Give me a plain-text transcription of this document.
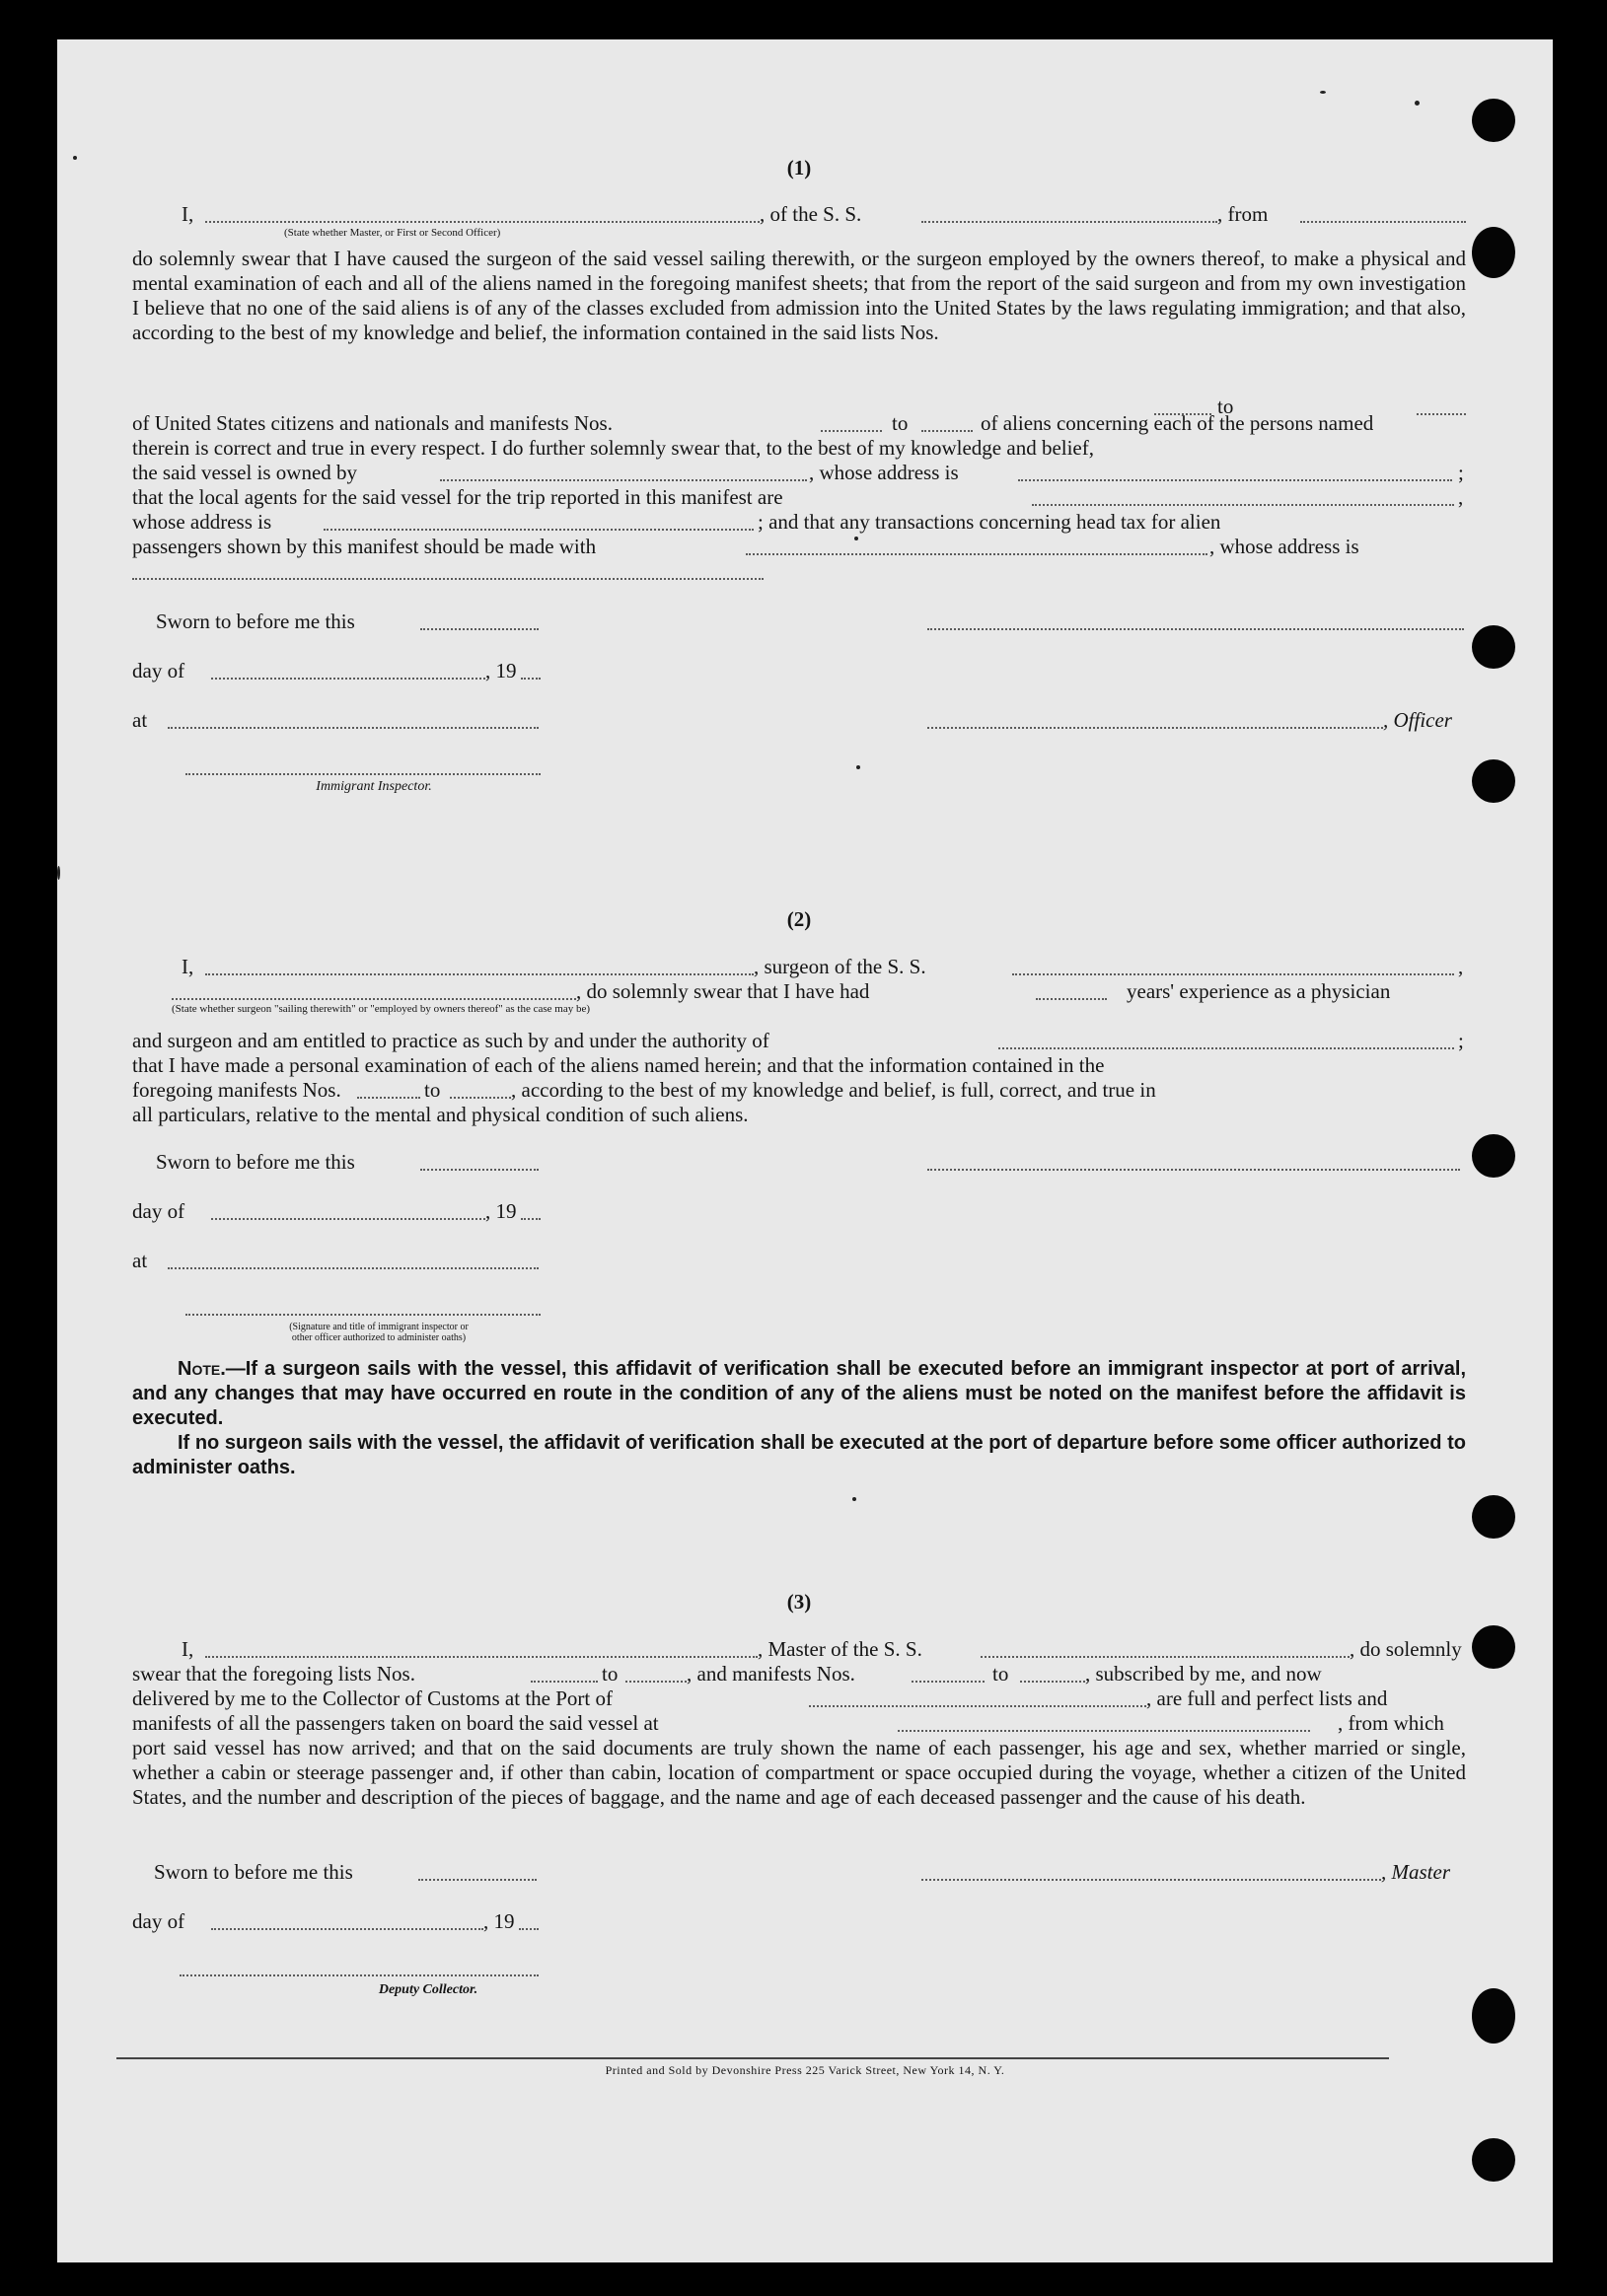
(1)
I,	, of the S. S.	, from
(State whether Master, or First or Second Officer)
do solemnly swear that I have caused the surgeon of the said vessel sailing therewith, or the surgeon employed by the owners thereof, to make a physical and mental examination of each and all of the aliens named in the foregoing manifest sheets; that from the report of the said surgeon and from my own investigation I believe that no one of the said aliens is of any of the classes excluded from admission into the United States by the laws regulating immigration; and that also, according to the best of my knowledge and belief, the information contained in the said lists Nos.
to
of United States citizens and nationals and manifests Nos.	to	of aliens concerning each of the persons named
therein is correct and true in every respect. I do further solemnly swear that, to the best of my knowledge and belief,
the said vessel is owned by	, whose address is	;
that the local agents for the said vessel for the trip reported in this manifest are	,
whose address is	; and that any transactions concerning head tax for alien
passengers shown by this manifest should be made with	, whose address is
Sworn to before me this
day of	, 19
at	, Officer
Immigrant Inspector.
(2)
I,	, surgeon of the S. S.	,
, do solemnly swear that I have had	years' experience as a physician
(State whether surgeon "sailing therewith" or "employed by owners thereof" as the case may be)
and surgeon and am entitled to practice as such by and under the authority of	;
that I have made a personal examination of each of the aliens named herein; and that the information contained in the
foregoing manifests Nos.	to	, according to the best of my knowledge and belief, is full, correct, and true in
all particulars, relative to the mental and physical condition of such aliens.
Sworn to before me this
day of	, 19
at
(Signature and title of immigrant inspector or
other officer authorized to administer oaths)

Note.—If a surgeon sails with the vessel, this affidavit of verification shall be executed before an immigrant inspector at port of arrival, and any changes that may have occurred en route in the condition of any of the aliens must be noted on the manifest before the affidavit is executed.

If no surgeon sails with the vessel, the affidavit of verification shall be executed at the port of departure before some officer authorized to administer oaths.

(3)
I,	, Master of the S. S.	, do solemnly
swear that the foregoing lists Nos.	to	, and manifests Nos.	to	, subscribed by me, and now
delivered by me to the Collector of Customs at the Port of	, are full and perfect lists and
manifests of all the passengers taken on board the said vessel at	, from which
port said vessel has now arrived; and that on the said documents are truly shown the name of each passenger, his age and sex, whether married or single, whether a cabin or steerage passenger and, if other than cabin, location of compartment or space occupied during the voyage, whether a citizen of the United States, and the number and description of the pieces of baggage, and the name and age of each deceased passenger and the cause of his death.
Sworn to before me this	, Master
day of	, 19
Deputy Collector.
Printed and Sold by Devonshire Press 225 Varick Street, New York 14, N. Y.
